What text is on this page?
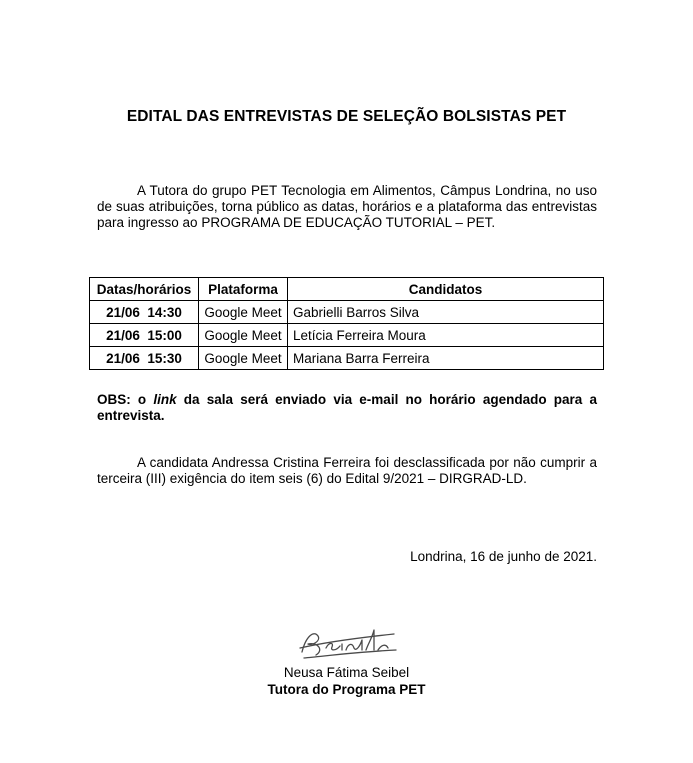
EDITAL DAS ENTREVISTAS DE SELEÇÃO BOLSISTAS PET

A Tutora do grupo PET Tecnologia em Alimentos, Câmpus Londrina, no uso de suas atribuições, torna público as datas, horários e a plataforma das entrevistas para ingresso ao PROGRAMA DE EDUCAÇÃO TUTORIAL – PET.

Datas/horários	Plataforma	Candidatos
21/06  14:30	Google Meet	Gabrielli Barros Silva
21/06  15:00	Google Meet	Letícia Ferreira Moura
21/06  15:30	Google Meet	Mariana Barra Ferreira

OBS: o link da sala será enviado via e-mail no horário agendado para a entrevista.

A candidata Andressa Cristina Ferreira foi desclassificada por não cumprir a terceira (III) exigência do item seis (6) do Edital 9/2021 – DIRGRAD-LD.

Londrina, 16 de junho de 2021.
Neusa Fátima Seibel
Tutora do Programa PET
